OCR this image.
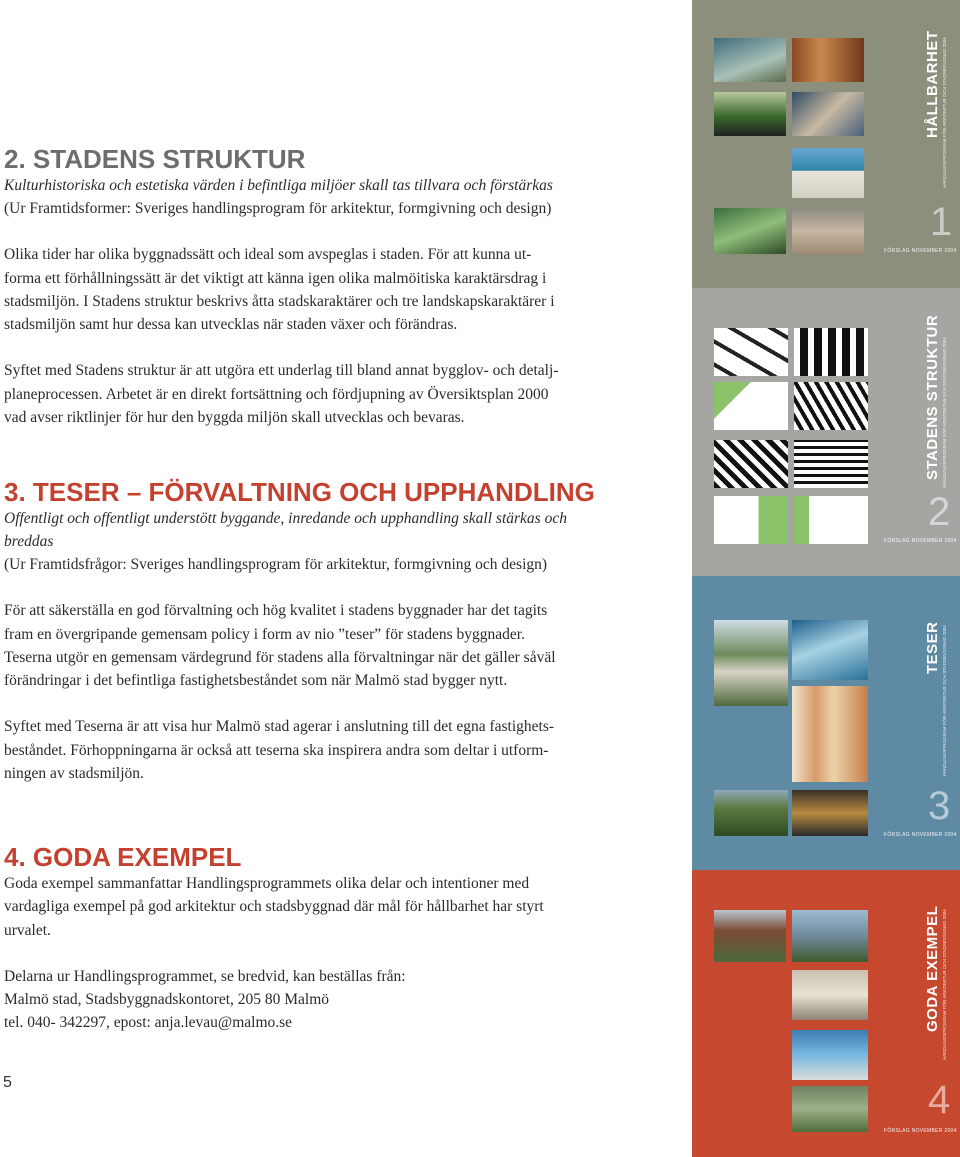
2. STADENS STRUKTUR

Kulturhistoriska och estetiska värden i befintliga miljöer skall tas tillvara och förstärkas

(Ur Framtidsformer: Sveriges handlingsprogram för arkitektur, formgivning och design)

Olika tider har olika byggnadssätt och ideal som avspeglas i staden. För att kunna ut-

forma ett förhållningssätt är det viktigt att känna igen olika malmöitiska karaktärsdrag i

stadsmiljön. I Stadens struktur beskrivs åtta stadskaraktärer och tre landskapskaraktärer i

stadsmiljön samt hur dessa kan utvecklas när staden växer och förändras.

Syftet med Stadens struktur är att utgöra ett underlag till bland annat bygglov- och detalj-

planeprocessen. Arbetet är en direkt fortsättning och fördjupning av Översiktsplan 2000

vad avser riktlinjer för hur den byggda miljön skall utvecklas och bevaras.

3. TESER – FÖRVALTNING OCH UPPHANDLING

Offentligt och offentligt understött byggande, inredande och upphandling skall stärkas och

breddas

(Ur Framtidsfrågor: Sveriges handlingsprogram för arkitektur, formgivning och design)

För att säkerställa en god förvaltning och hög kvalitet i stadens byggnader har det tagits

fram en övergripande gemensam policy i form av nio ”teser” för stadens byggnader.

Teserna utgör en gemensam värdegrund för stadens alla förvaltningar när det gäller såväl

förändringar i det befintliga fastighetsbeståndet som när Malmö stad bygger nytt.

Syftet med Teserna är att visa hur Malmö stad agerar i anslutning till det egna fastighets-

beståndet. Förhoppningarna är också att teserna ska inspirera andra som deltar i utform-

ningen av stadsmiljön.

4. GODA EXEMPEL

Goda exempel sammanfattar Handlingsprogrammets olika delar och intentioner med

vardagliga exempel på god arkitektur och stadsbyggnad där mål för hållbarhet har styrt

urvalet.

Delarna ur Handlingsprogrammet, se bredvid, kan beställas från:

Malmö stad, Stadsbyggnadskontoret, 205 80 Malmö

tel. 040- 342297, epost: anja.levau@malmo.se

5
HÅLLBARHET HANDLINGSPROGRAM FÖR ARKITEKTUR OCH STADSBYGGNAD 2004
1
FÖRSLAG NOVEMBER 2004
STADENS STRUKTUR HANDLINGSPROGRAM FÖR ARKITEKTUR OCH STADSBYGGNAD 2004
2
FÖRSLAG NOVEMBER 2004
TESER HANDLINGSPROGRAM FÖR ARKITEKTUR OCH STADSBYGGNAD 2004
3
FÖRSLAG NOVEMBER 2004
GODA EXEMPEL HANDLINGSPROGRAM FÖR ARKITEKTUR OCH STADSBYGGNAD 2004
4
FÖRSLAG NOVEMBER 2004
